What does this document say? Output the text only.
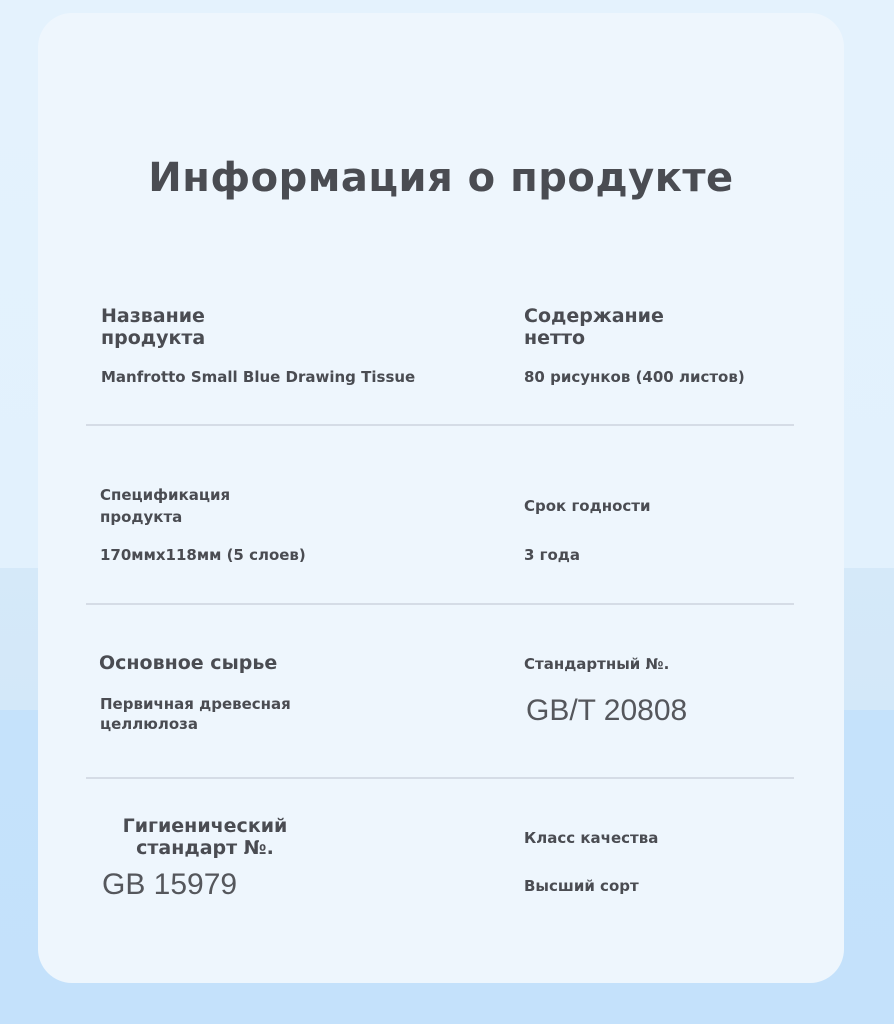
Информация о продукте
Название
продукта
Manfrotto Small Blue Drawing Tissue
Содержание
нетто
80 рисунков (400 листов)
Спецификация
продукта
170ммx118мм (5 слоев)
Срок годности
3 года
Основное сырье
Первичная древесная
целлюлоза
Стандартный №.
GB/T 20808
Гигиенический
стандарт №.
GB 15979
Класс качества
Высший сорт
